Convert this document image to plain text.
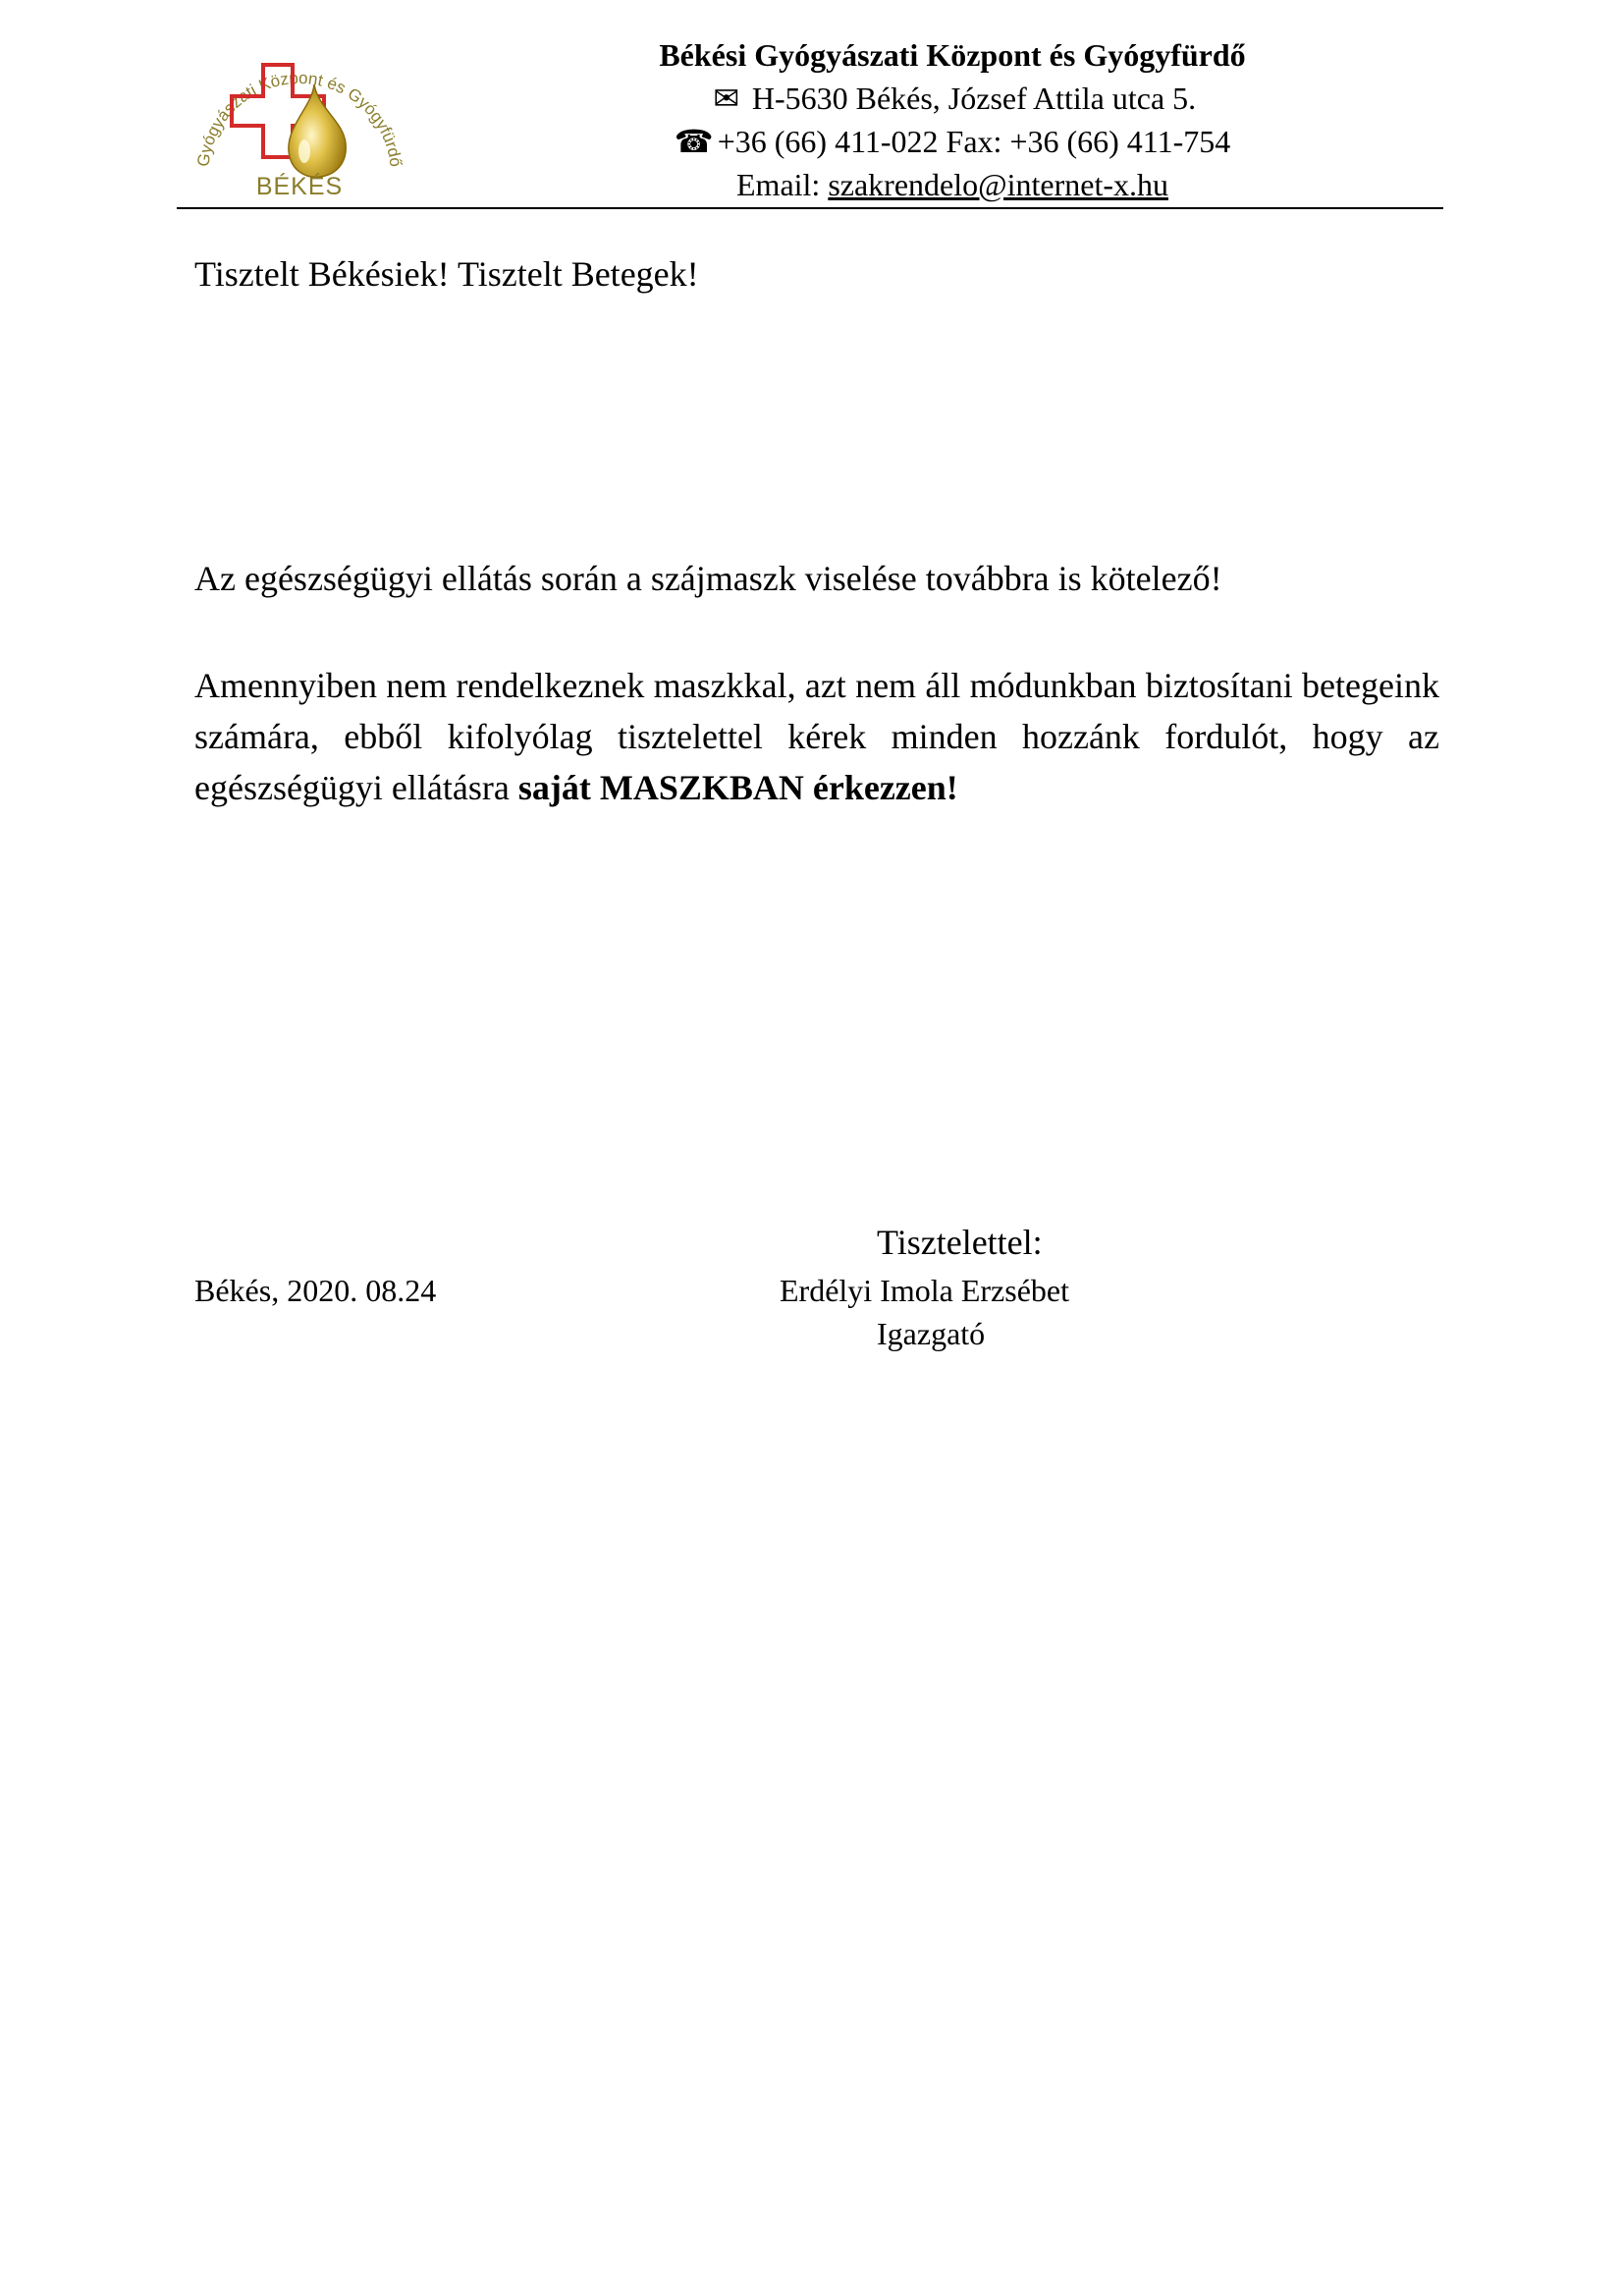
Gyógyászati Központ és Gyógyfürdő
BÉKÉS
Békési Gyógyászati Központ és Gyógyfürdő
✉ H-5630 Békés, József Attila utca 5.
☎ +36 (66) 411-022 Fax: +36 (66) 411-754
Email: szakrendelo@internet-x.hu
Tisztelt Békésiek! Tisztelt Betegek!
Az egészségügyi ellátás során a szájmaszk viselése továbbra is kötelező!
Amennyiben nem rendelkeznek maszkkal, azt nem áll módunkban biztosítani betegeink számára, ebből kifolyólag tisztelettel kérek minden hozzánk fordulót, hogy az egészségügyi ellátásra saját MASZKBAN érkezzen!
Tisztelettel:
Békés, 2020. 08.24	Erdélyi Imola Erzsébet
Igazgató
